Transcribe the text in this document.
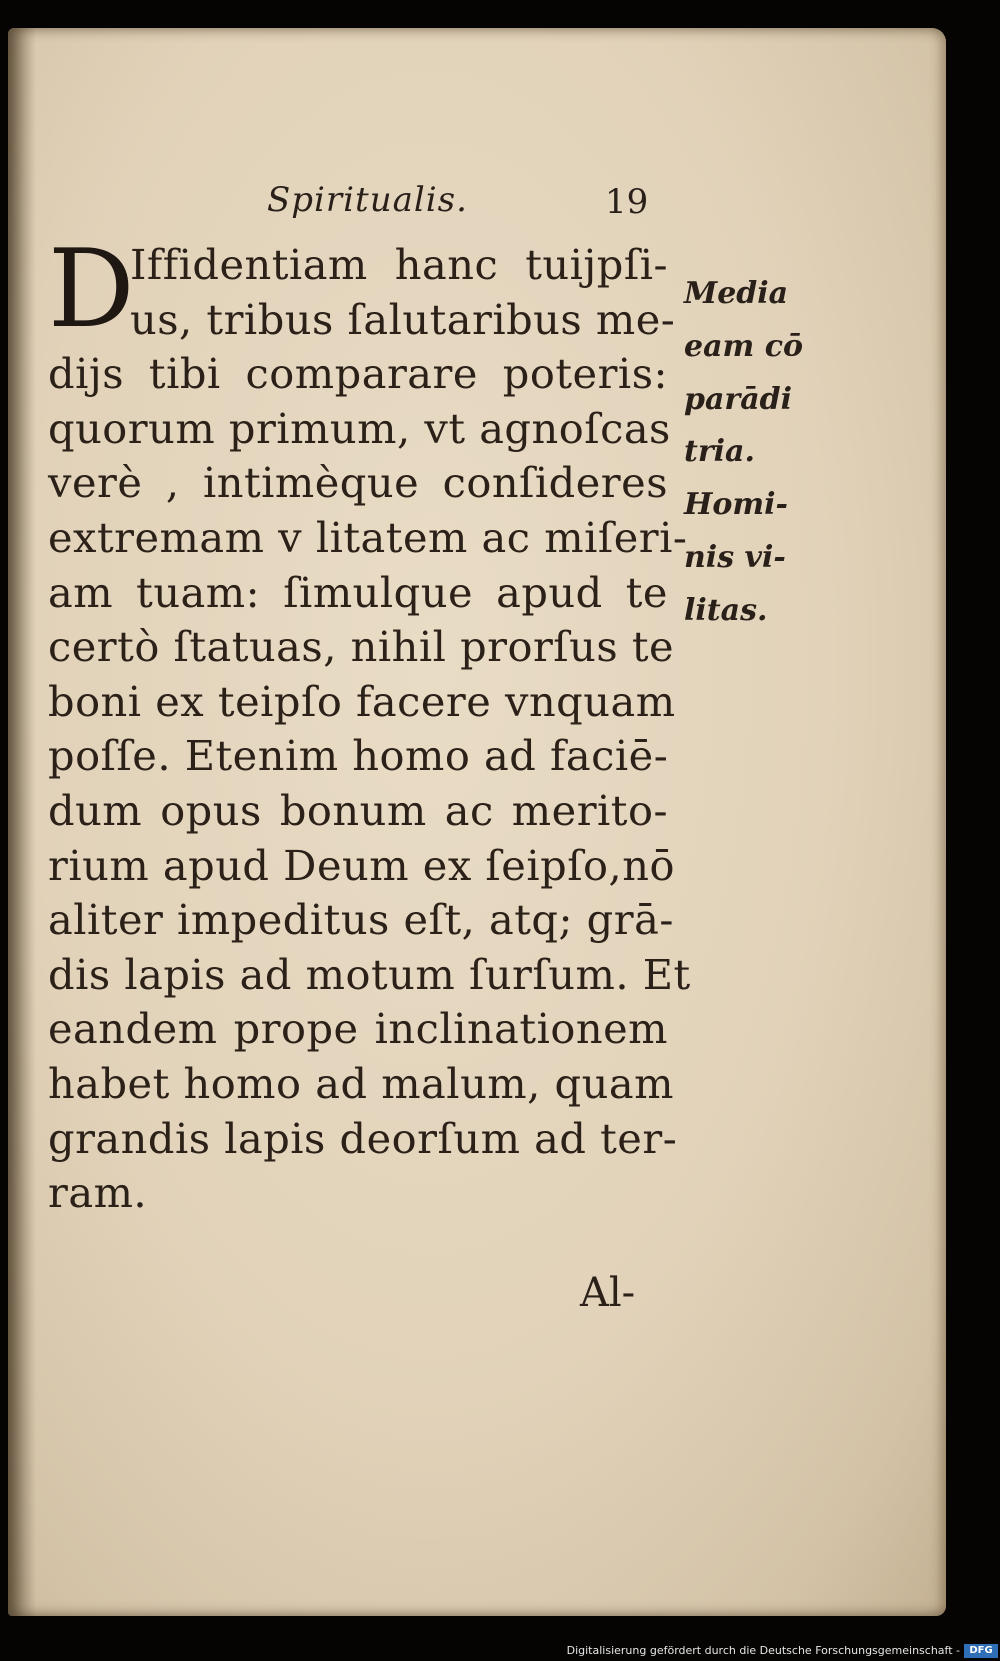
Spiritualis.	19
D
Iffidentiam hanc tuijpſi-
us, tribus ſalutaribus me-
dijs tibi comparare poteris:
quorum primum, vt agnoſcas
verè , intimèque conſideres
extremam v litatem ac miſeri-
am tuam: ſimulque apud te
certò ſtatuas, nihil prorſus te
boni ex teipſo facere vnquam
poſſe. Etenim homo ad faciē-
dum opus bonum ac merito-
rium apud Deum ex ſeipſo,nō
aliter impeditus eſt, atq; grā-
dis lapis ad motum ſurſum. Et
eandem prope inclinationem
habet homo ad malum, quam
grandis lapis deorſum ad ter-
ram.
Media
eam cō
parādi
tria.
Homi-
nis vi-
litas.
Al-
Digitalisierung gefördert durch die Deutsche Forschungsgemeinschaft - DFG
